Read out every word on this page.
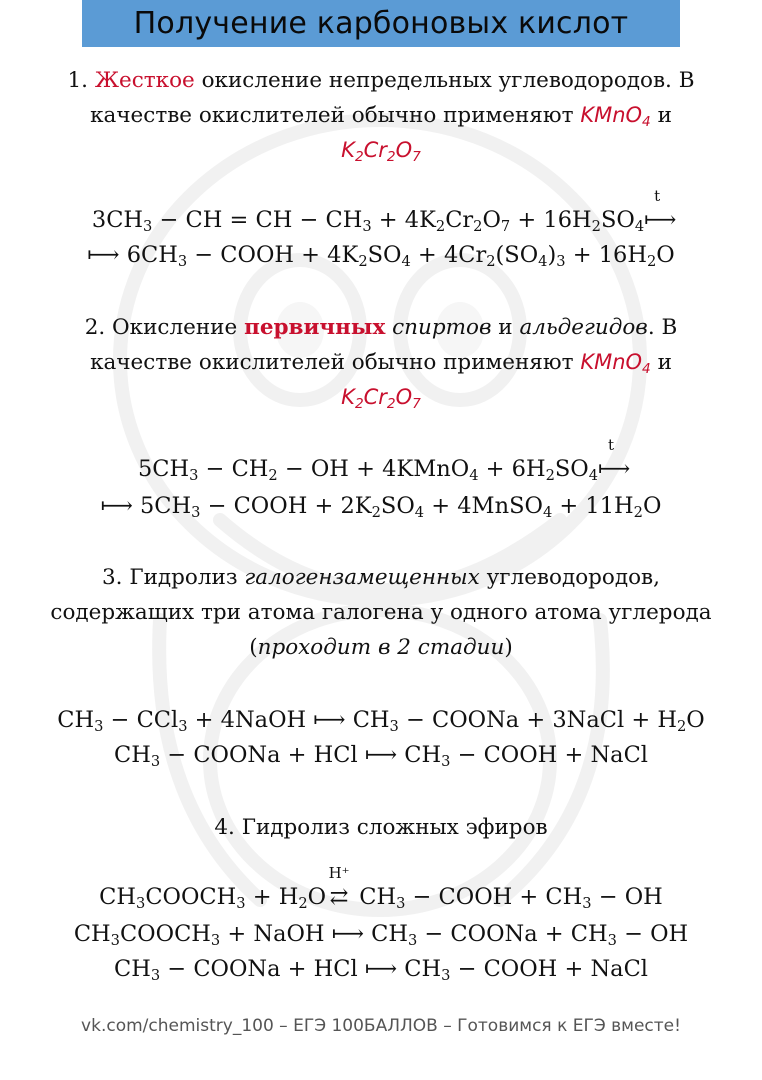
Получение карбоновых кислот
1. Жесткое окисление непредельных углеводородов. В
качестве окислителей обычно применяют KMnO$_4$ и
$K_2Cr_2O_7$
$3CH_3$ − CH = CH − $CH_3 + 4K_2Cr_2O_7 + 16H_2SO_4$
t
⟼
⟼ $6CH_3$ − COOH + $4K_2SO_4 + 4Cr_2(SO_4)_3 + 16H_2O$
2. Окисление первичных спиртов и альдегидов. В
качестве окислителей обычно применяют KMnO$_4$ и
$K_2Cr_2O_7$
$5CH_3 - CH_2$ − OH + 4KMnO$_4$ + $6H_2SO_4$
t
⟼
⟼ $5CH_3$ − COOH + $2K_2SO_4$ + 4MnSO$_4$ + $11H_2O$
3. Гидролиз галогензамещенных углеводородов,
содержащих три атома галогена у одного атома углерода
(проходит в 2 стадии)
$CH_3 - CCl_3$ + 4NaOH ⟼ $CH_3$ − COONa + 3NaCl + $H_2O$
$CH_3$ − COONa + HCl ⟼ $CH_3$ − COOH + NaCl
4. Гидролиз сложных эфиров
$CH_3COOCH_3 + H_2O$
H⁺
⇄ $CH_3$ − COOH + $CH_3$ − OH
$CH_3COOCH_3$ + NaOH ⟼ $CH_3$ − COONa + $CH_3$ − OH
$CH_3$ − COONa + HCl ⟼ $CH_3$ − COOH + NaCl
vk.com/chemistry_100 – ЕГЭ 100БАЛЛОВ – Готовимся к ЕГЭ вместе!
